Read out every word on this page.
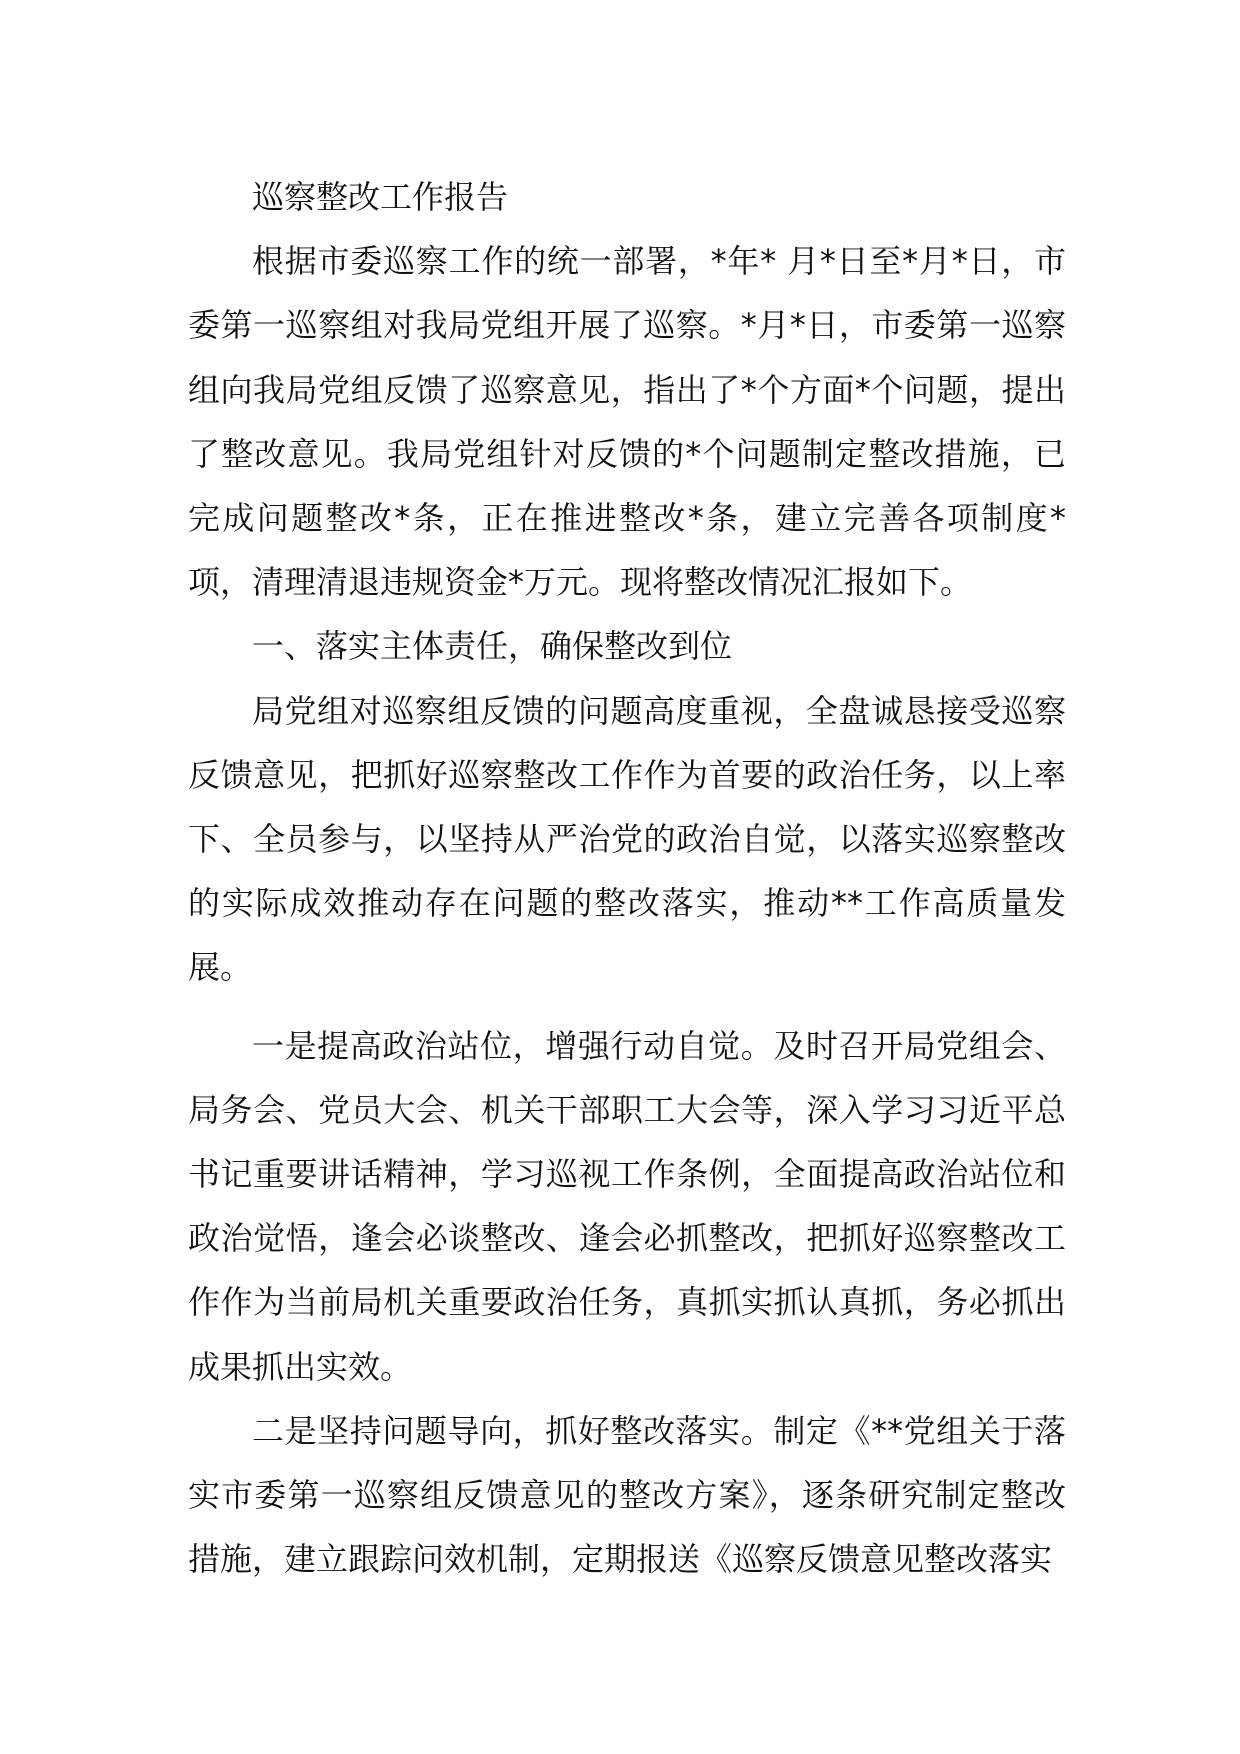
巡察整改工作报告

根据市委巡察工作的统一部署，*年* 月*日至*月*日，市委第一巡察组对我局党组开展了巡察。*月*日，市委第一巡察组向我局党组反馈了巡察意见，指出了*个方面*个问题，提出了整改意见。我局党组针对反馈的*个问题制定整改措施，已完成问题整改*条，正在推进整改*条，建立完善各项制度*项，清理清退违规资金*万元。现将整改情况汇报如下。

一、落实主体责任，确保整改到位

局党组对巡察组反馈的问题高度重视，全盘诚恳接受巡察反馈意见，把抓好巡察整改工作作为首要的政治任务，以上率下、全员参与，以坚持从严治党的政治自觉，以落实巡察整改的实际成效推动存在问题的整改落实，推动**工作高质量发展。

一是提高政治站位，增强行动自觉。及时召开局党组会、局务会、党员大会、机关干部职工大会等，深入学习习近平总书记重要讲话精神，学习巡视工作条例，全面提高政治站位和政治觉悟，逢会必谈整改、逢会必抓整改，把抓好巡察整改工作作为当前局机关重要政治任务，真抓实抓认真抓，务必抓出成果抓出实效。

二是坚持问题导向，抓好整改落实。制定《**党组关于落实市委第一巡察组反馈意见的整改方案》，逐条研究制定整改措施，建立跟踪问效机制，定期报送《巡察反馈意见整改落实
